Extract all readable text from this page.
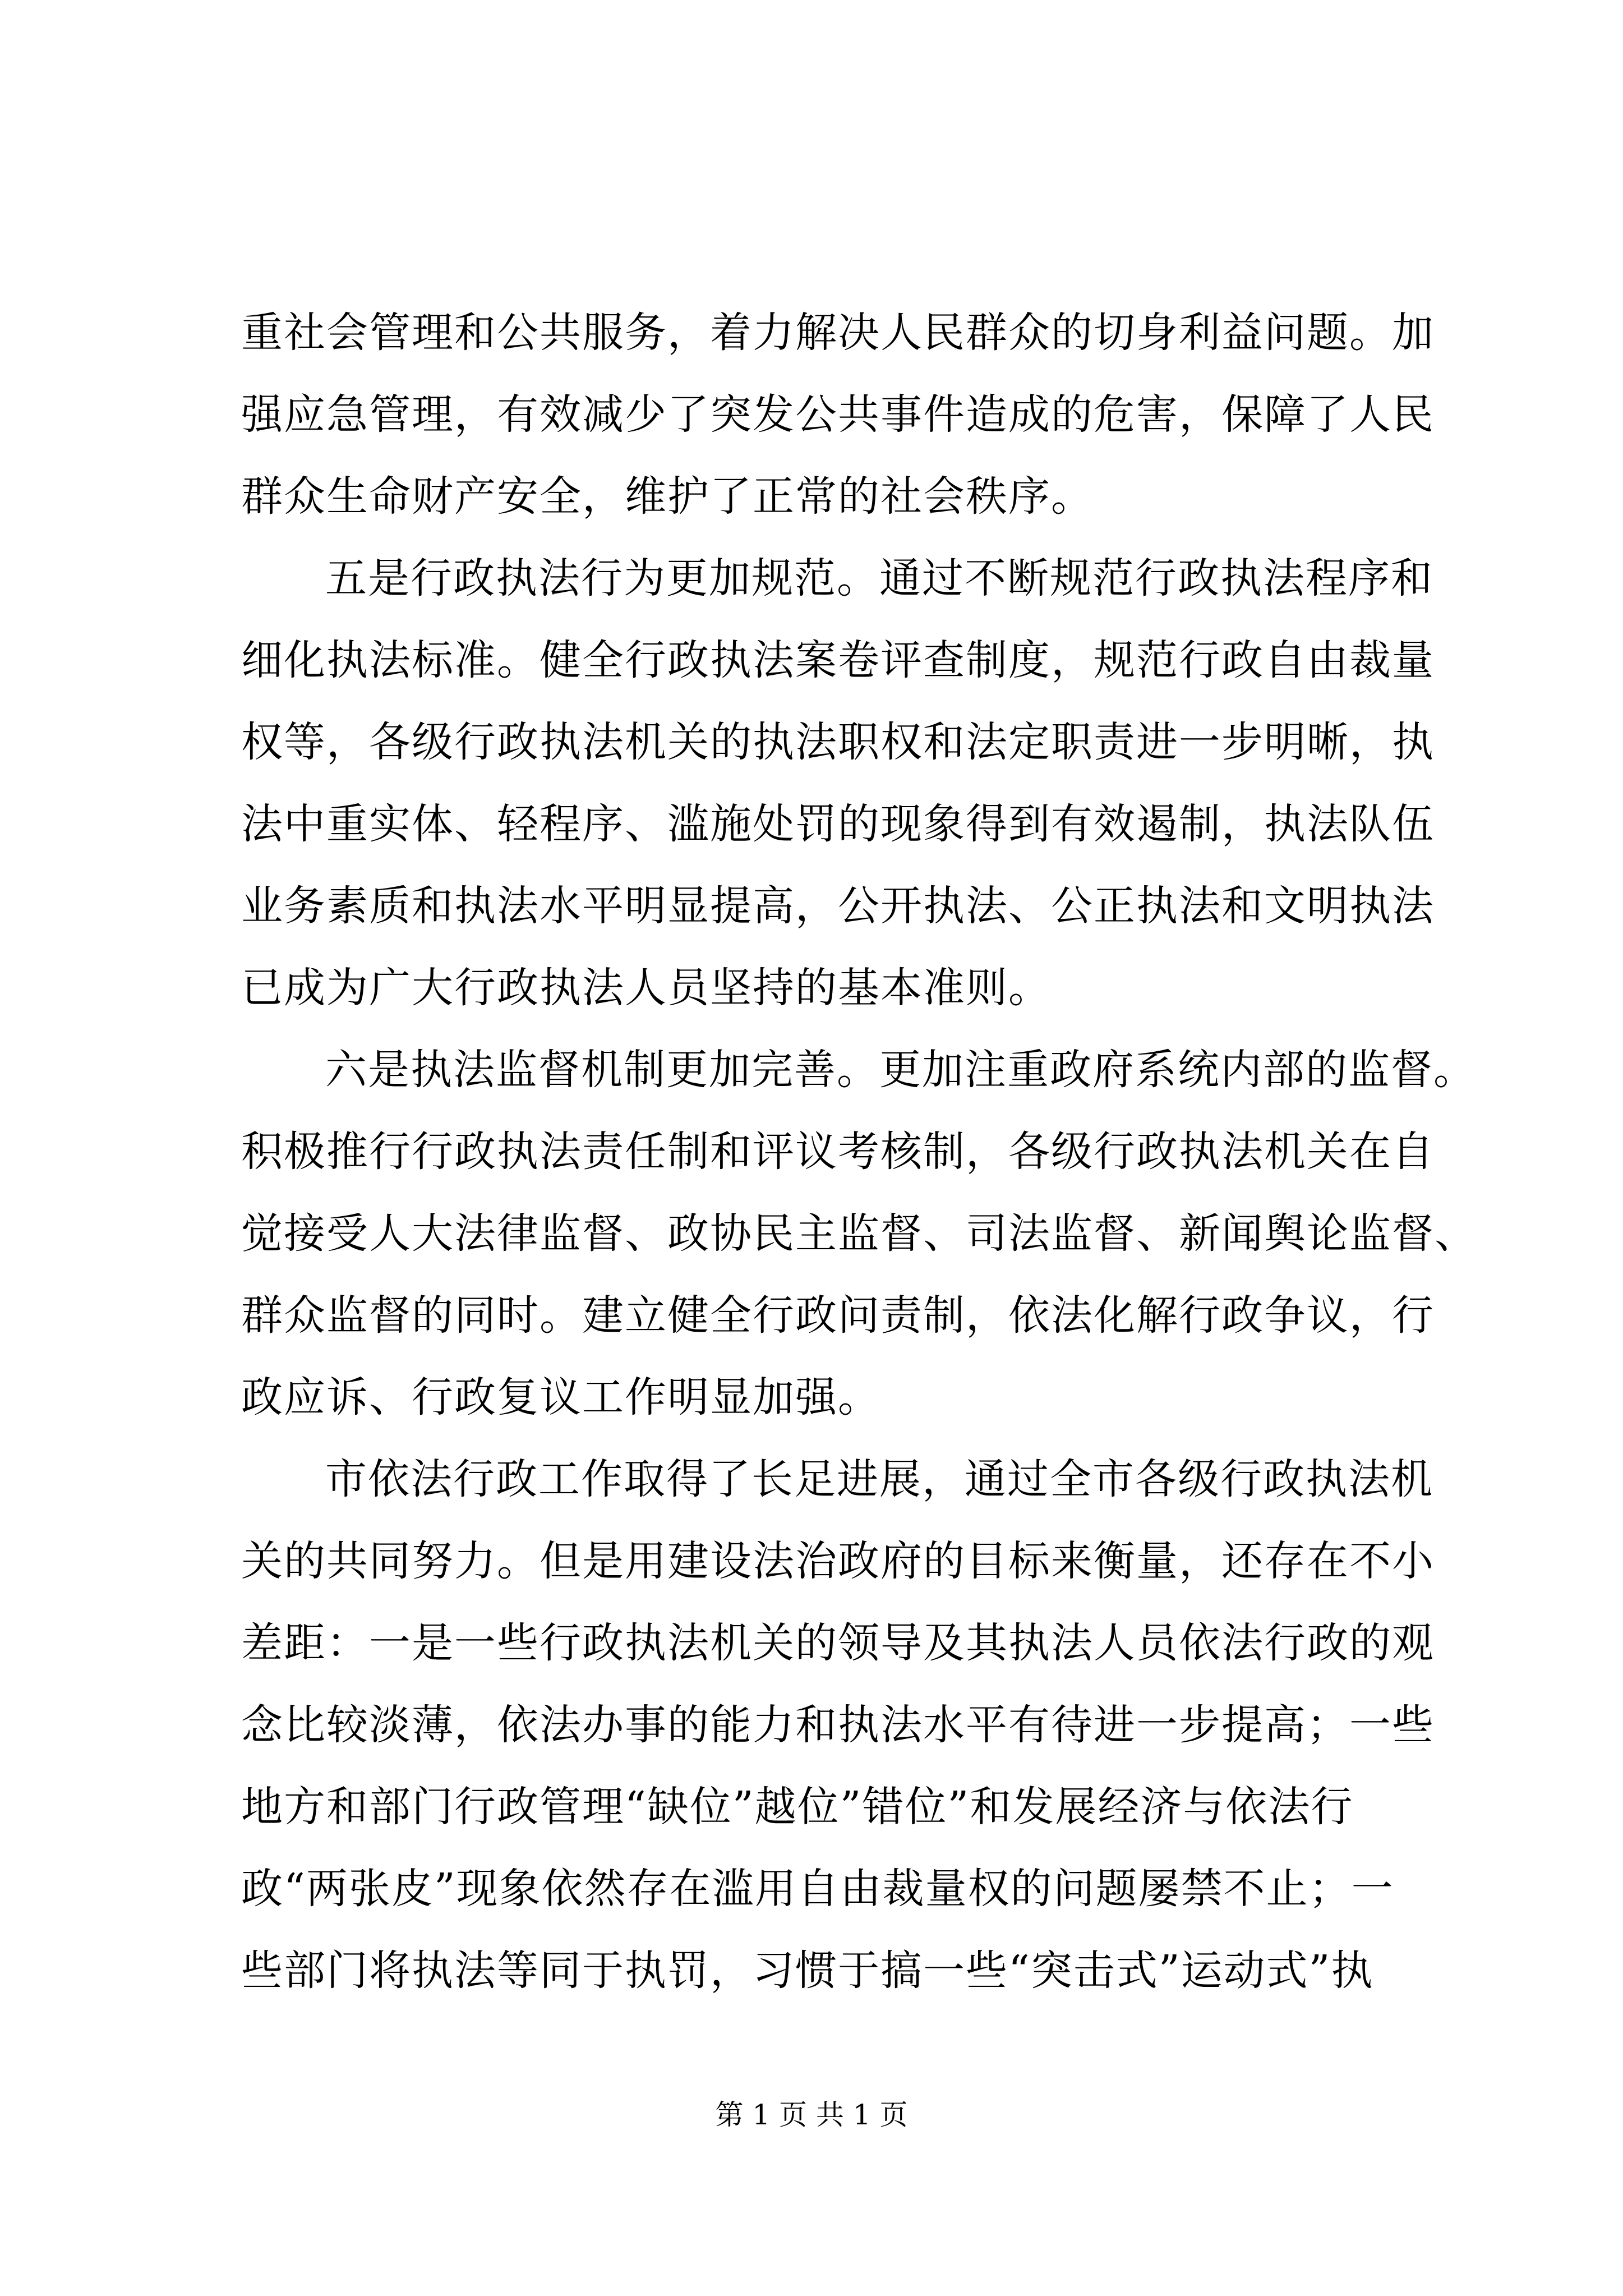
重社会管理和公共服务，着力解决人民群众的切身利益问题。加
强应急管理，有效减少了突发公共事件造成的危害，保障了人民
群众生命财产安全，维护了正常的社会秩序。
五是行政执法行为更加规范。通过不断规范行政执法程序和
细化执法标准。健全行政执法案卷评查制度，规范行政自由裁量
权等，各级行政执法机关的执法职权和法定职责进一步明晰，执
法中重实体、轻程序、滥施处罚的现象得到有效遏制，执法队伍
业务素质和执法水平明显提高，公开执法、公正执法和文明执法
已成为广大行政执法人员坚持的基本准则。
六是执法监督机制更加完善。更加注重政府系统内部的监督。
积极推行行政执法责任制和评议考核制，各级行政执法机关在自
觉接受人大法律监督、政协民主监督、司法监督、新闻舆论监督、
群众监督的同时。建立健全行政问责制，依法化解行政争议，行
政应诉、行政复议工作明显加强。
市依法行政工作取得了长足进展，通过全市各级行政执法机
关的共同努力。但是用建设法治政府的目标来衡量，还存在不小
差距：一是一些行政执法机关的领导及其执法人员依法行政的观
念比较淡薄，依法办事的能力和执法水平有待进一步提高；一些
地方和部门行政管理“缺位”越位”错位”和发展经济与依法行
政“两张皮”现象依然存在滥用自由裁量权的问题屡禁不止；一
些部门将执法等同于执罚，习惯于搞一些“突击式”运动式”执
第 1 页 共 1 页
